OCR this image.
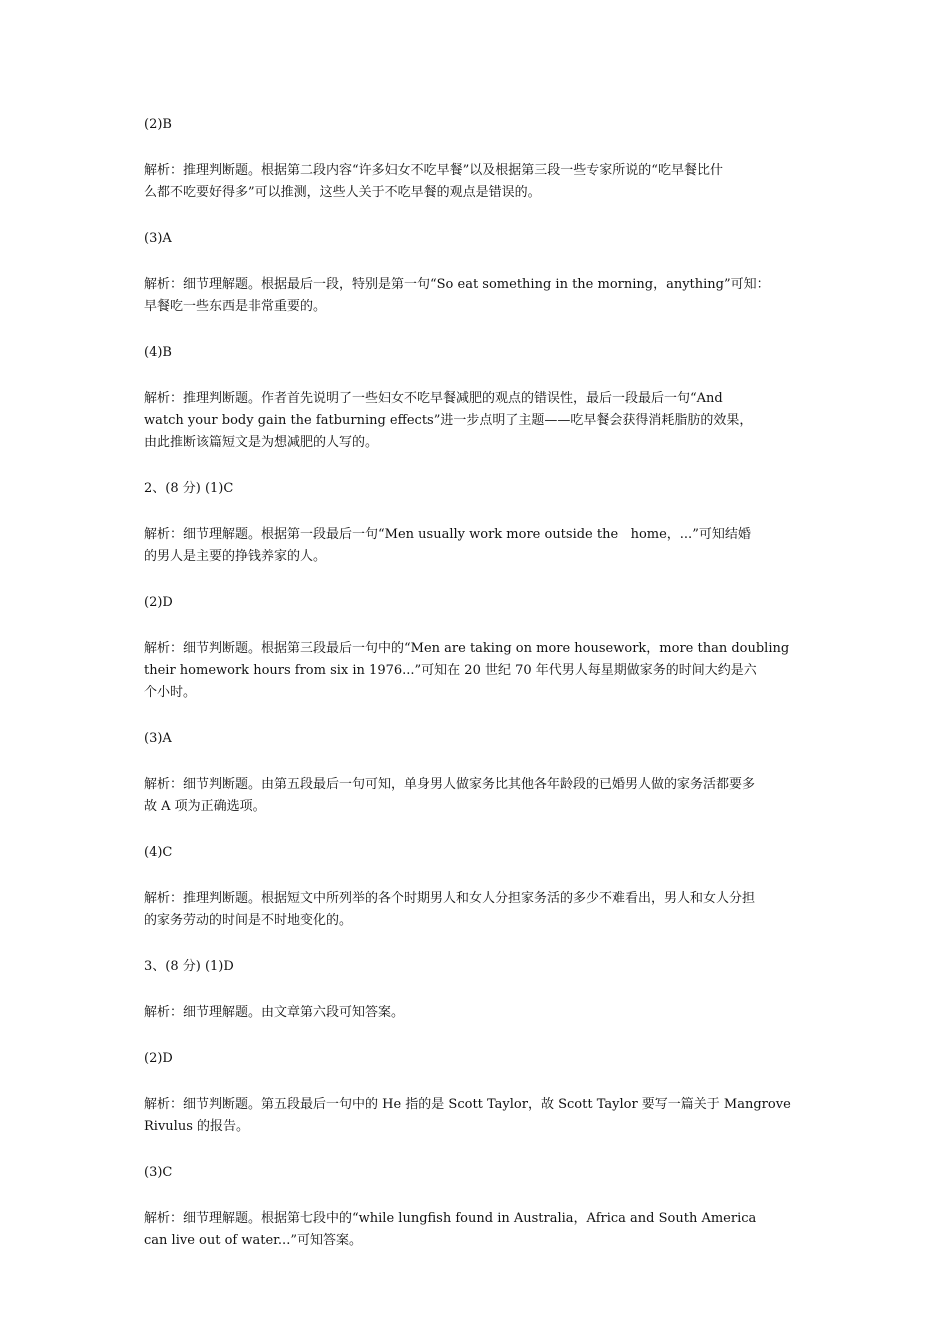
(2)B

解析：推理判断题。根据第二段内容“许多妇女不吃早餐”以及根据第三段一些专家所说的“吃早餐比什
么都不吃要好得多”可以推测，这些人关于不吃早餐的观点是错误的。

(3)A

解析：细节理解题。根据最后一段，特别是第一句“So eat something in the morning，anything”可知：
早餐吃一些东西是非常重要的。

(4)B

解析：推理判断题。作者首先说明了一些妇女不吃早餐减肥的观点的错误性，最后一段最后一句“And
watch your body gain the fatburning effects”进一步点明了主题——吃早餐会获得消耗脂肪的效果，
由此推断该篇短文是为想减肥的人写的。

2、(8 分) (1)C

解析：细节理解题。根据第一段最后一句“Men usually work more outside the   home，...”可知结婚
的男人是主要的挣钱养家的人。

(2)D

解析：细节判断题。根据第三段最后一句中的“Men are taking on more housework，more than doubling
their homework hours from six in 1976...”可知在 20 世纪 70 年代男人每星期做家务的时间大约是六
个小时。

(3)A

解析：细节判断题。由第五段最后一句可知，单身男人做家务比其他各年龄段的已婚男人做的家务活都要多
故 A 项为正确选项。

(4)C

解析：推理判断题。根据短文中所列举的各个时期男人和女人分担家务活的多少不难看出，男人和女人分担
的家务劳动的时间是不时地变化的。

3、(8 分) (1)D

解析：细节理解题。由文章第六段可知答案。

(2)D

解析：细节判断题。第五段最后一句中的 He 指的是 Scott Taylor，故 Scott Taylor 要写一篇关于 Mangrove
Rivulus 的报告。

(3)C

解析：细节理解题。根据第七段中的“while lungfish found in Australia，Africa and South America
can live out of water...”可知答案。
